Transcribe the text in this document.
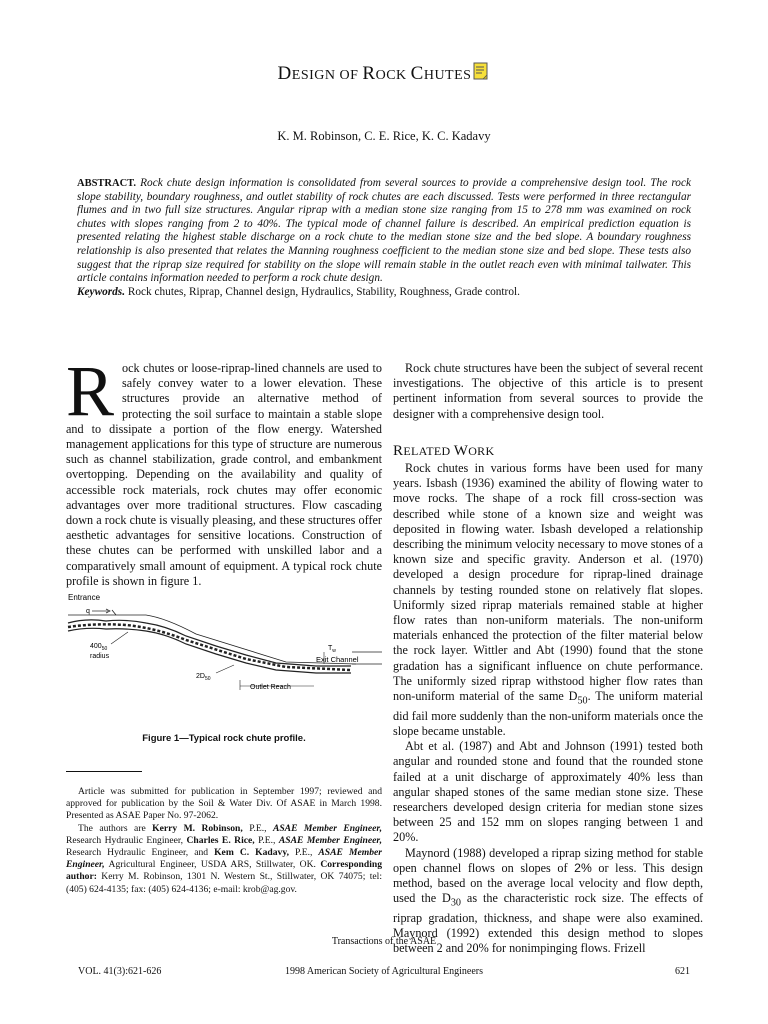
DESIGN OF ROCK CHUTES
K. M. Robinson, C. E. Rice, K. C. Kadavy
ABSTRACT. Rock chute design information is consolidated from several sources to provide a comprehensive design tool. The rock slope stability, boundary roughness, and outlet stability of rock chutes are each discussed. Tests were performed in three rectangular flumes and in two full size structures. Angular riprap with a median stone size ranging from 15 to 278 mm was examined on rock chutes with slopes ranging from 2 to 40%. The typical mode of channel failure is described. An empirical prediction equation is presented relating the highest stable discharge on a rock chute to the median stone size and the bed slope. A boundary roughness relationship is also presented that relates the Manning roughness coefficient to the median stone size and bed slope. These tests also suggest that the riprap size required for stability on the slope will remain stable in the outlet reach even with minimal tailwater. This article contains information needed to perform a rock chute design.
Keywords. Rock chutes, Riprap, Channel design, Hydraulics, Stability, Roughness, Grade control.

Rock chutes or loose-riprap-lined channels are used to safely convey water to a lower elevation. These structures provide an alternative method of protecting the soil surface to maintain a stable slope and to dissipate a portion of the flow energy. Watershed management applications for this type of structure are numerous such as channel stabilization, grade control, and embankment overtopping. Depending on the availability and quality of accessible rock materials, rock chutes may offer economic advantages over more traditional structures. Flow cascading down a rock chute is visually pleasing, and these structures offer aesthetic advantages for sensitive locations. Construction of these chutes can be performed with unskilled labor and a comparatively small amount of equipment. A typical rock chute profile is shown in figure 1.

Entrance
q
$T_w$
Exit Channel
$400_{50}$
radius
$2D_{50}$
Outlet Reach
Figure 1—Typical rock chute profile.

Article was submitted for publication in September 1997; reviewed and approved for publication by the Soil & Water Div. Of ASAE in March 1998. Presented as ASAE Paper No. 97-2062.

The authors are Kerry M. Robinson, P.E., ASAE Member Engineer, Research Hydraulic Engineer, Charles E. Rice, P.E., ASAE Member Engineer, Research Hydraulic Engineer, and Kem C. Kadavy, P.E., ASAE Member Engineer, Agricultural Engineer, USDA ARS, Stillwater, OK. Corresponding author: Kerry M. Robinson, 1301 N. Western St., Stillwater, OK 74075; tel: (405) 624-4135; fax: (405) 624-4136; e-mail: krob@ag.gov.

Rock chute structures have been the subject of several recent investigations. The objective of this article is to present pertinent information from several sources to provide the designer with a comprehensive design tool.

RELATED WORK

Rock chutes in various forms have been used for many years. Isbash (1936) examined the ability of flowing water to move rocks. The shape of a rock fill cross-section was described while stone of a known size and weight was deposited in flowing water. Isbash developed a relationship describing the minimum velocity necessary to move stones of a known size and specific gravity. Anderson et al. (1970) developed a design procedure for riprap-lined drainage channels by testing rounded stone on relatively flat slopes. Uniformly sized riprap materials remained stable at higher flow rates than non-uniform materials. The non-uniform materials enhanced the protection of the filter material below the rock layer. Wittler and Abt (1990) found that the stone gradation has a significant influence on chute performance. The uniformly sized riprap withstood higher flow rates than non-uniform material of the same $D_{50}$. The uniform material did fail more suddenly than the non-uniform materials once the slope became unstable.

Abt et al. (1987) and Abt and Johnson (1991) tested both angular and rounded stone and found that the rounded stone failed at a unit discharge of approximately 40% less than angular shaped stones of the same median stone size. These researchers developed design criteria for median stone sizes between 25 and 152 mm on slopes ranging between 1 and 20%.

Maynord (1988) developed a riprap sizing method for stable open channel flows on slopes of 2% or less. This design method, based on the average local velocity and flow depth, used the $D_{30}$ as the characteristic rock size. The effects of riprap gradation, thickness, and shape were also examined. Maynord (1992) extended this design method to slopes between 2 and 20% for nonimpinging flows. Frizell

Transactions of the ASAE
VOL. 41(3):621-626	1998 American Society of Agricultural Engineers	621
